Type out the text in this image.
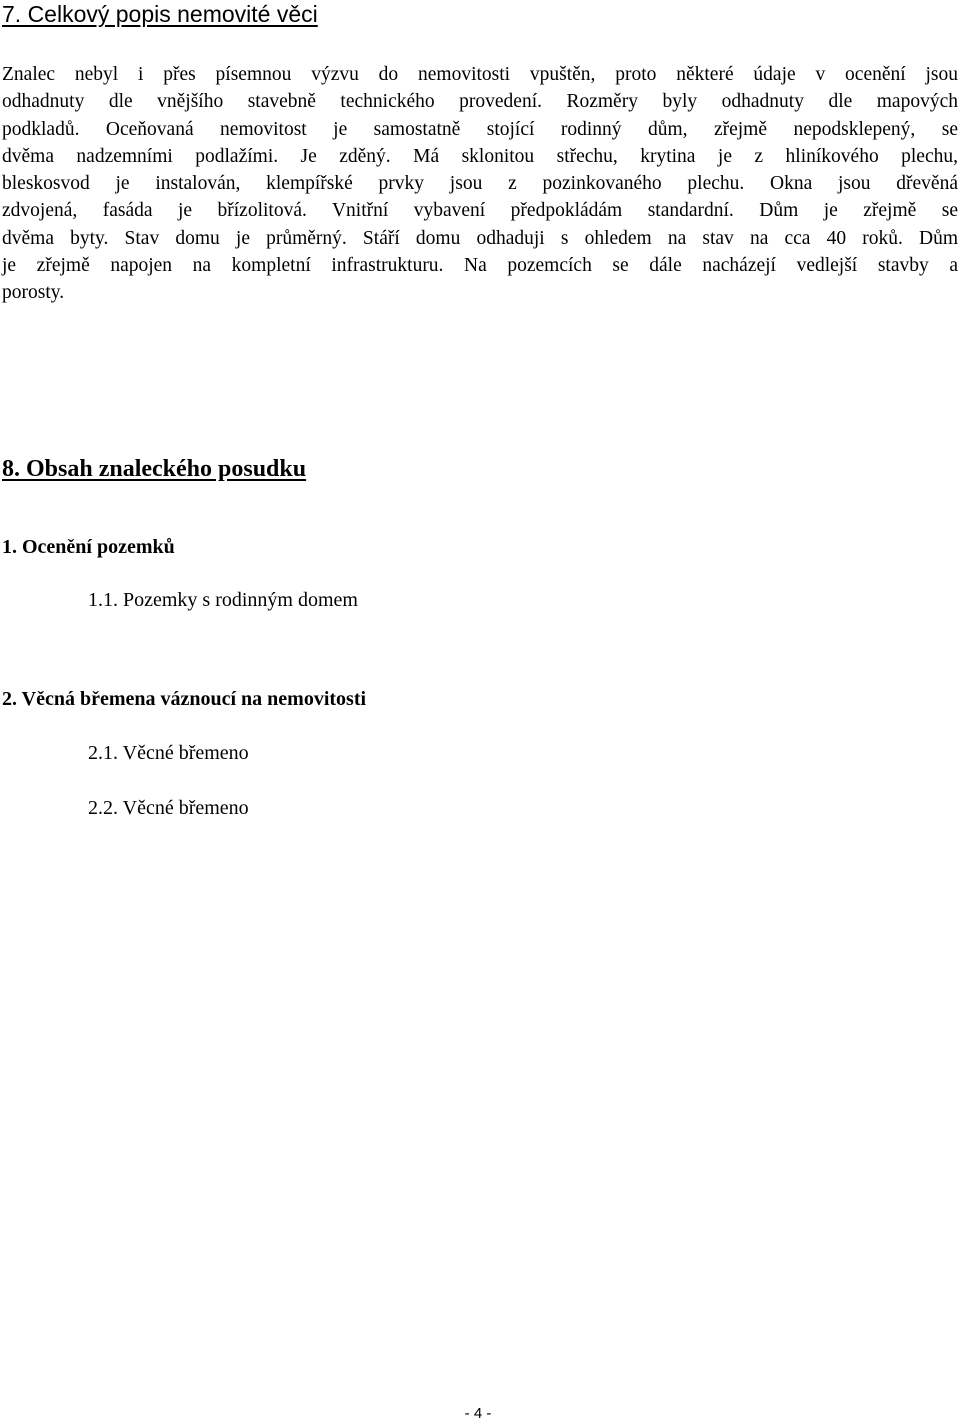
7. Celkový popis nemovité věci

Znalec nebyl i přes písemnou výzvu do nemovitosti vpuštěn, proto některé údaje v ocenění jsou
odhadnuty dle vnějšího stavebně technického provedení. Rozměry byly odhadnuty dle mapových
podkladů. Oceňovaná nemovitost je samostatně stojící rodinný dům, zřejmě nepodsklepený, se
dvěma nadzemními podlažími. Je zděný. Má sklonitou střechu, krytina je z hliníkového plechu,
bleskosvod je instalován, klempířské prvky jsou z pozinkovaného plechu. Okna jsou dřevěná
zdvojená, fasáda je břízolitová. Vnitřní vybavení předpokládám standardní. Dům je zřejmě se
dvěma byty. Stav domu je průměrný. Stáří domu odhaduji s ohledem na stav na cca 40 roků. Dům
je zřejmě napojen na kompletní infrastrukturu. Na pozemcích se dále nacházejí vedlejší stavby a
porosty.

8. Obsah znaleckého posudku

1. Ocenění pozemků

1.1. Pozemky s rodinným domem

2. Věcná břemena váznoucí na nemovitosti

2.1. Věcné břemeno

2.2. Věcné břemeno

- 4 -
